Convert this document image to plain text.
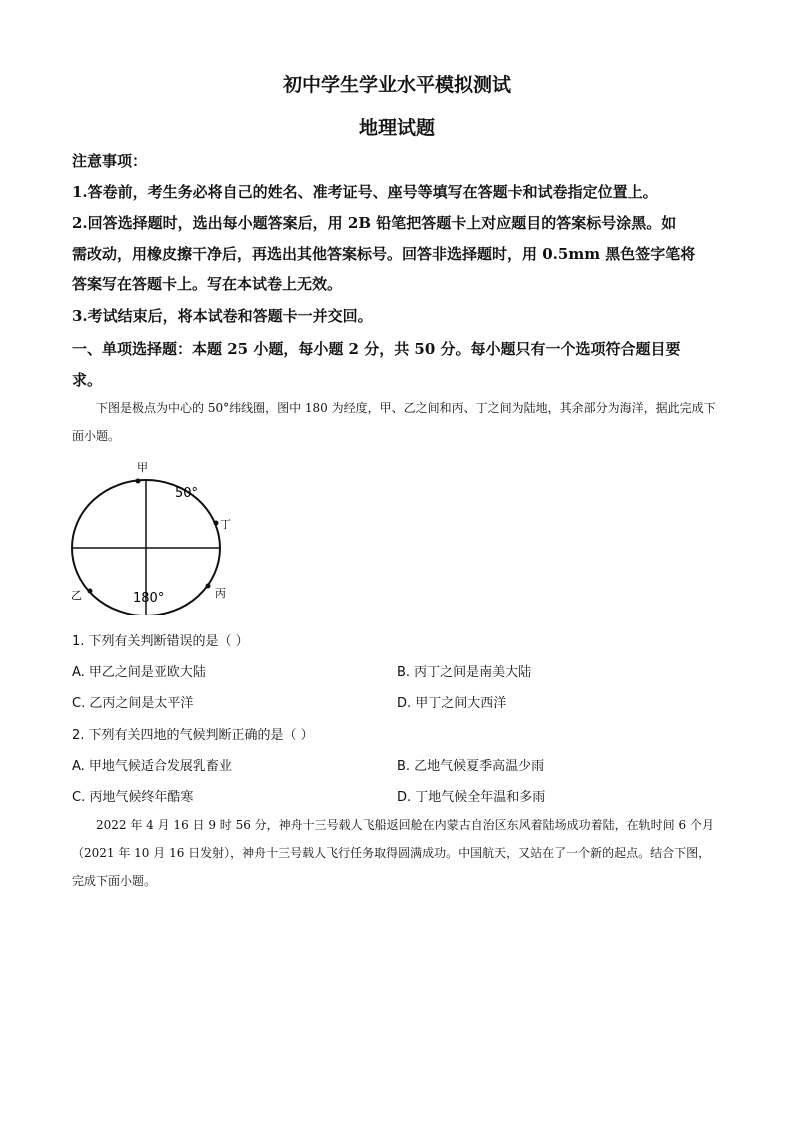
初中学生学业水平模拟测试
地理试题
注意事项：
1.答卷前，考生务必将自己的姓名、准考证号、座号等填写在答题卡和试卷指定位置上。
2.回答选择题时，选出每小题答案后，用 2B 铅笔把答题卡上对应题目的答案标号涂黑。如
需改动，用橡皮擦干净后，再选出其他答案标号。回答非选择题时，用 0.5mm 黑色签字笔将
答案写在答题卡上。写在本试卷上无效。
3.考试结束后，将本试卷和答题卡一并交回。
一、单项选择题：本题 25 小题，每小题 2 分，共 50 分。每小题只有一个选项符合题目要
求。
下图是极点为中心的 50°纬线圈，图中 180 为经度，甲、乙之间和丙、丁之间为陆地，其余部分为海洋，据此完成下面小题。
甲
50°
丁
丙
乙	180°
1. 下列有关判断错误的是（ ）
A. 甲乙之间是亚欧大陆	B. 丙丁之间是南美大陆
C. 乙丙之间是太平洋	D. 甲丁之间大西洋
2. 下列有关四地的气候判断正确的是（ ）
A. 甲地气候适合发展乳畜业	B. 乙地气候夏季高温少雨
C. 丙地气候终年酷寒	D. 丁地气候全年温和多雨
2022 年 4 月 16 日 9 时 56 分，神舟十三号载人飞船返回舱在内蒙古自治区东风着陆场成功着陆，在轨时间 6 个月（2021 年 10 月 16 日发射），神舟十三号载人飞行任务取得圆满成功。中国航天，又站在了一个新的起点。结合下图，完成下面小题。
